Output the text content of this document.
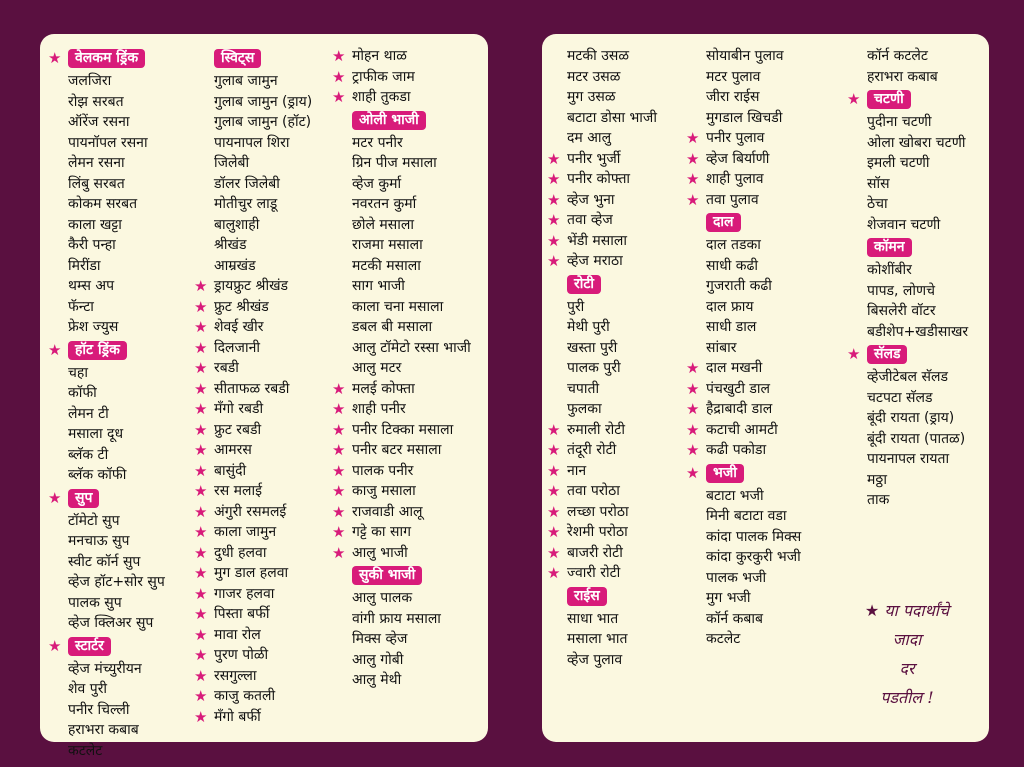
★ वेलकम ड्रिंक
जलजिरा
रोझ सरबत
ऑरेंज रसना
पायनॉपल रसना
लेमन रसना
लिंबु सरबत
कोकम सरबत
काला खट्टा
कैरी पन्हा
मिरींडा
थम्स अप
फॅन्टा
फ्रेश ज्युस
★ हॉट ड्रिंक
चहा
कॉफी
लेमन टी
मसाला दूध
ब्लॅक टी
ब्लॅक कॉफी
★ सुप
टॉमेटो सुप
मनचाऊ सुप
स्वीट कॉर्न सुप
व्हेज हॉट+सोर सुप
पालक सुप
व्हेज क्लिअर सुप
★ स्टार्टर
व्हेज मंच्युरीयन
शेव पुरी
पनीर चिल्ली
हराभरा कबाब
कटलेट
स्विट्स
गुलाब जामुन
गुलाब जामुन (ड्राय)
गुलाब जामुन (हॉट)
पायनापल शिरा
जिलेबी
डॉलर जिलेबी
मोतीचुर लाडू
बालुशाही
श्रीखंड
आम्रखंड
★ ड्रायफ्रुट श्रीखंड
★ फ्रुट श्रीखंड
★ शेवई खीर
★ दिलजानी
★ रबडी
★ सीताफळ रबडी
★ मँगो रबडी
★ फ्रुट रबडी
★ आमरस
★ बासुंदी
★ रस मलाई
★ अंगुरी रसमलई
★ काला जामुन
★ दुधी हलवा
★ मुग डाल हलवा
★ गाजर हलवा
★ पिस्ता बर्फी
★ मावा रोल
★ पुरण पोळी
★ रसगुल्ला
★ काजु कतली
★ मँगो बर्फी
★ मोहन थाळ
★ ट्राफीक जाम
★ शाही तुकडा
ओली भाजी
मटर पनीर
ग्रिन पीज मसाला
व्हेज कुर्मा
नवरतन कुर्मा
छोले मसाला
राजमा मसाला
मटकी मसाला
साग भाजी
काला चना मसाला
डबल बी मसाला
आलु टॉमेटो रस्सा भाजी
आलु मटर
★ मलई कोफ्ता
★ शाही पनीर
★ पनीर टिक्का मसाला
★ पनीर बटर मसाला
★ पालक पनीर
★ काजु मसाला
★ राजवाडी आलू
★ गट्टे का साग
★ आलु भाजी
सुकी भाजी
आलु पालक
वांगी फ्राय मसाला
मिक्स व्हेज
आलु गोबी
आलु मेथी
मटकी उसळ
मटर उसळ
मुग उसळ
बटाटा डोसा भाजी
दम आलु
★ पनीर भुर्जी
★ पनीर कोफ्ता
★ व्हेज भुना
★ तवा व्हेज
★ भेंडी मसाला
★ व्हेज मराठा
रोटी
पुरी
मेथी पुरी
खस्ता पुरी
पालक पुरी
चपाती
फुलका
★ रुमाली रोटी
★ तंदूरी रोटी
★ नान
★ तवा परोठा
★ लच्छा परोठा
★ रेशमी परोठा
★ बाजरी रोटी
★ ज्वारी रोटी
राईस
साधा भात
मसाला भात
व्हेज पुलाव
सोयाबीन पुलाव
मटर पुलाव
जीरा राईस
मुगडाल खिचडी
★ पनीर पुलाव
★ व्हेज बिर्याणी
★ शाही पुलाव
★ तवा पुलाव
दाल
दाल तडका
साधी कढी
गुजराती कढी
दाल फ्राय
साधी डाल
सांबार
★ दाल मखनी
★ पंचखुटी डाल
★ हैद्राबादी डाल
★ कटाची आमटी
★ कढी पकोडा
★ भजी
बटाटा भजी
मिनी बटाटा वडा
कांदा पालक मिक्स
कांदा कुरकुरी भजी
पालक भजी
मुग भजी
कॉर्न कबाब
कटलेट
कॉर्न कटलेट
हराभरा कबाब
★ चटणी
पुदीना चटणी
ओला खोबरा चटणी
इमली चटणी
सॉस
ठेचा
शेजवान चटणी
कॉमन
कोशींबीर
पापड, लोणचे
बिसलेरी वॉटर
बडीशेप+खडीसाखर
★ सॅलड
व्हेजीटेबल सॅलड
चटपटा सॅलड
बूंदी रायता (ड्राय)
बूंदी रायता (पातळ)
पायनापल रायता
मठ्ठा
ताक
★ या पदार्थांचे
जादा
दर
पडतील !
